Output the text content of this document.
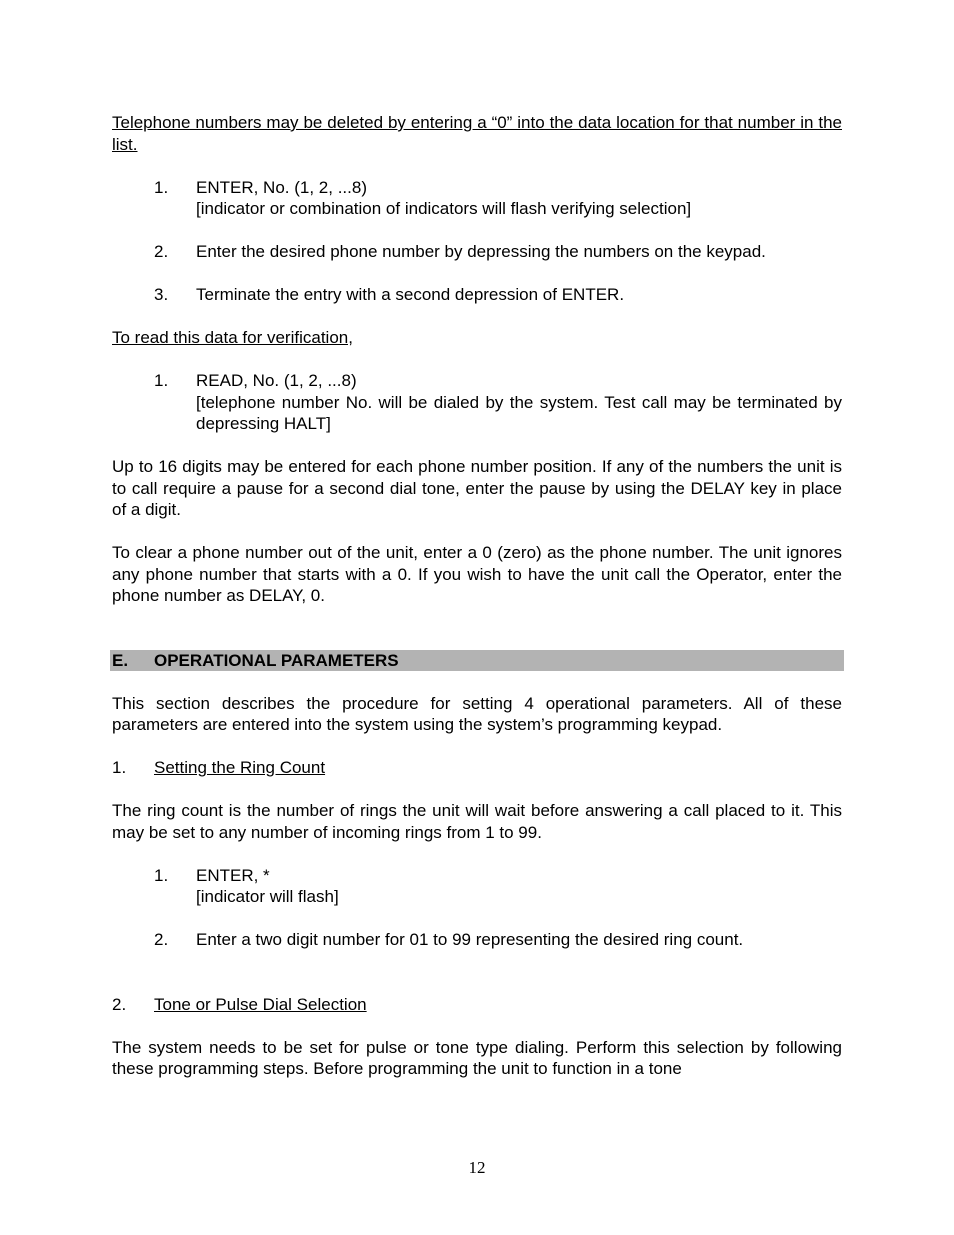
Telephone numbers may be deleted by entering a “0” into the data location for that number in the list.

1.	ENTER, No. (1, 2, ...8)
[indicator or combination of indicators will flash verifying selection]
2.	Enter the desired phone number by depressing the numbers on the keypad.
3.	Terminate the entry with a second depression of ENTER.

To read this data for verification,

1.	READ, No. (1, 2, ...8)
[telephone number No. will be dialed by the system. Test call may be terminated by depressing HALT]

Up to 16 digits may be entered for each phone number position. If any of the numbers the unit is to call require a pause for a second dial tone, enter the pause by using the DELAY key in place of a digit.

To clear a phone number out of the unit, enter a 0 (zero) as the phone number. The unit ignores any phone number that starts with a 0. If you wish to have the unit call the Operator, enter the phone number as DELAY, 0.

E.	OPERATIONAL PARAMETERS

This section describes the procedure for setting 4 operational parameters. All of these parameters are entered into the system using the system’s programming keypad.

1.	Setting the Ring Count

The ring count is the number of rings the unit will wait before answering a call placed to it. This may be set to any number of incoming rings from 1 to 99.

1.	ENTER, *
[indicator will flash]
2.	Enter a two digit number for 01 to 99 representing the desired ring count.
2.	Tone or Pulse Dial Selection

The system needs to be set for pulse or tone type dialing. Perform this selection by following these programming steps. Before programming the unit to function in a tone

12
